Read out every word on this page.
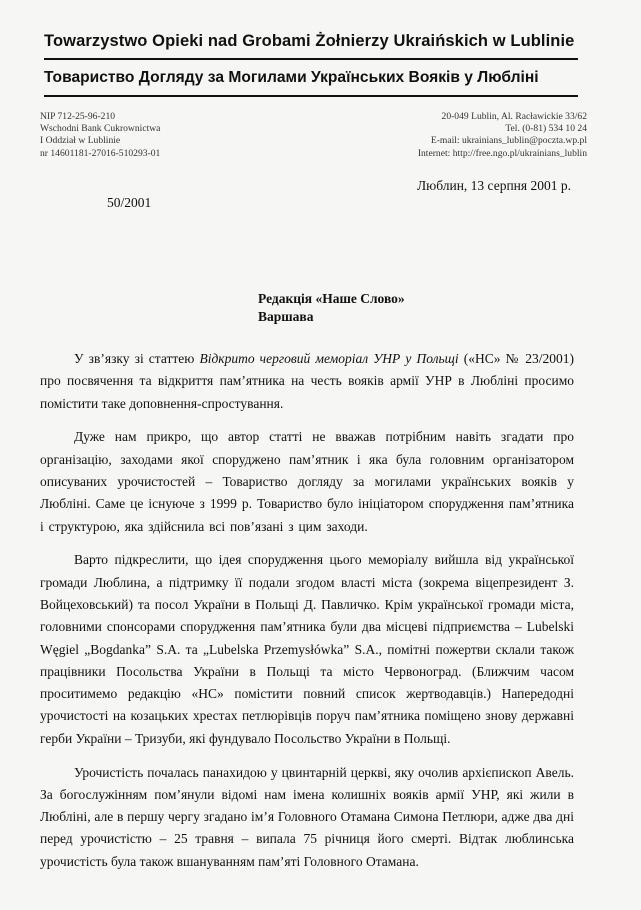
Towarzystwo Opieki nad Grobami Żołnierzy Ukraińskich w Lublinie
Товариство Догляду за Могилами Українських Вояків у Любліні
NIP 712-25-96-210
Wschodni Bank Cukrownictwa
I Oddział w Lublinie
nr 14601181-27016-510293-01
20-049 Lublin, Al. Racławickie 33/62
Tel. (0-81) 534 10 24
E-mail: ukrainians_lublin@poczta.wp.pl
Internet: http://free.ngo.pl/ukrainians_lublin
Люблин, 13 серпня 2001 р.
50/2001
Редакція «Наше Слово»
Варшава

У зв’язку зі статтею Відкрито черговий меморіал УНР у Польщі («НС» № 23/2001) про посвячення та відкриття пам’ятника на честь вояків армії УНР в Любліні просимо помістити таке доповнення-спростування.

Дуже нам прикро, що автор статті не вважав потрібним навіть згадати про організацію, заходами якої споруджено пам’ятник і яка була головним організатором описуваних урочистостей – Товариство догляду за могилами українських вояків у Любліні. Саме це існуюче з 1999 р. Товариство було ініціатором спорудження пам’ятника і структурою, яка здійснила всі пов’язані з цим заходи.

Варто підкреслити, що ідея спорудження цього меморіалу вийшла від української громади Люблина, а підтримку її подали згодом власті міста (зокрема віцепрезидент З. Войцеховський) та посол України в Польщі Д. Павличко. Крім української громади міста, головними спонсорами спорудження пам’ятника були два місцеві підприємства – Lubelski Węgiel „Bogdanka” S.A. та „Lubelska Przemysłówka” S.A., помітні пожертви склали також працівники Посольства України в Польщі та місто Червоноград. (Ближчим часом проситимемо редакцію «НС» помістити повний список жертводавців.) Напередодні урочистості на козацьких хрестах петлюрівців поруч пам’ятника поміщено знову державні герби України – Тризуби, які фундувало Посольство України в Польщі.

Урочистість почалась панахидою у цвинтарній церкві, яку очолив архієпископ Авель. За богослужінням пом’янули відомі нам імена колишніх вояків армії УНР, які жили в Любліні, але в першу чергу згадано ім’я Головного Отамана Симона Петлюри, адже два дні перед урочистістю – 25 травня – випала 75 річниця його смерті. Відтак люблинська урочистість була також вшануванням пам’яті Головного Отамана.
